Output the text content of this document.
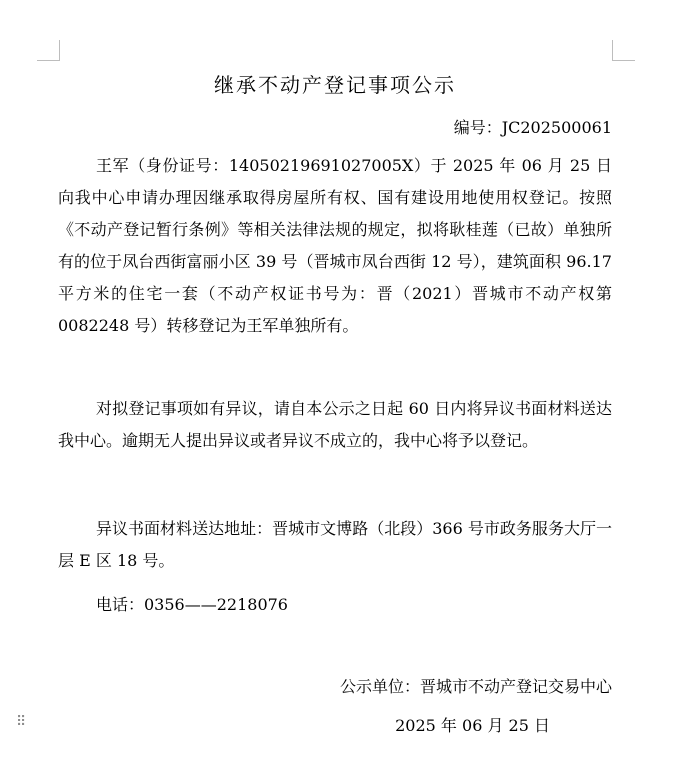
⠿
继承不动产登记事项公示
编号：JC202500061

王军（身份证号：14050219691027005X）于 2025 年 06 月 25 日向我中心申请办理因继承取得房屋所有权、国有建设用地使用权登记。按照《不动产登记暂行条例》等相关法律法规的规定，拟将耿桂莲（已故）单独所有的位于凤台西街富丽小区 39 号（晋城市凤台西街 12 号），建筑面积 96.17 平方米的住宅一套（不动产权证书号为：晋（2021）晋城市不动产权第 0082248 号）转移登记为王军单独所有。

对拟登记事项如有异议，请自本公示之日起 60 日内将异议书面材料送达我中心。逾期无人提出异议或者异议不成立的，我中心将予以登记。

异议书面材料送达地址：晋城市文博路（北段）366 号市政务服务大厅一层 E 区 18 号。

电话：0356——2218076
公示单位：晋城市不动产登记交易中心
2025 年 06 月 25 日
